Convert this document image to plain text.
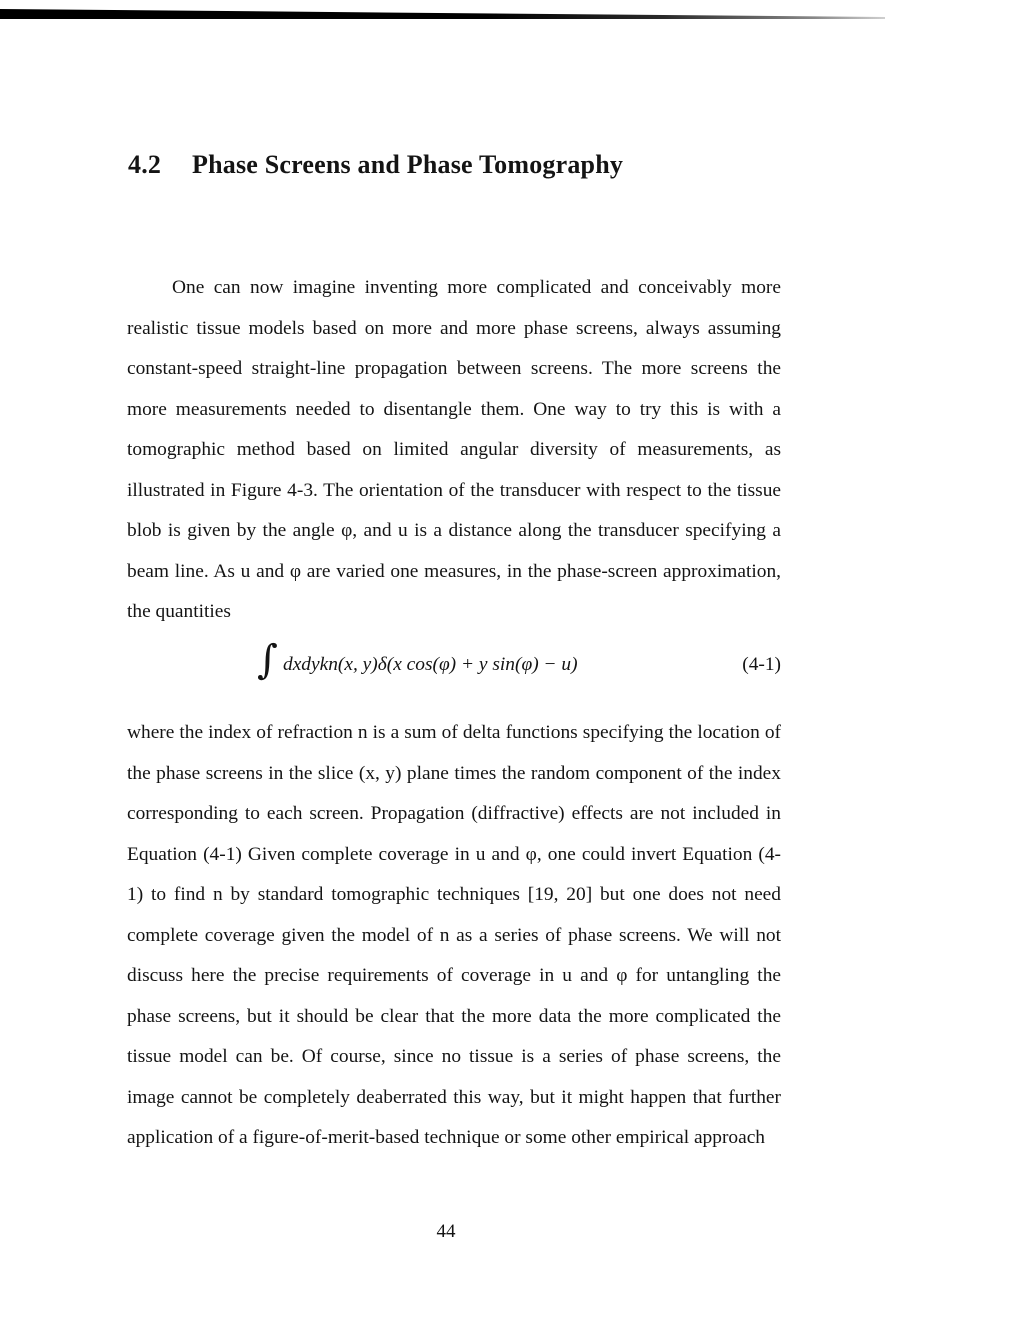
4.2 Phase Screens and Phase Tomography

One can now imagine inventing more complicated and conceivably more realistic tissue models based on more and more phase screens, always assuming constant-speed straight-line propagation between screens. The more screens the more measurements needed to disentangle them. One way to try this is with a tomographic method based on limited angular diversity of measurements, as illustrated in Figure 4-3. The orientation of the transducer with respect to the tissue blob is given by the angle φ, and u is a distance along the transducer specifying a beam line. As u and φ are varied one measures, in the phase-screen approximation, the quantities

∫ dxdykn(x, y)δ(x cos(φ) + y sin(φ) − u)	(4-1)

where the index of refraction n is a sum of delta functions specifying the location of the phase screens in the slice (x, y) plane times the random component of the index corresponding to each screen. Propagation (diffractive) effects are not included in Equation (4-1) Given complete coverage in u and φ, one could invert Equation (4-1) to find n by standard tomographic techniques [19, 20] but one does not need complete coverage given the model of n as a series of phase screens. We will not discuss here the precise requirements of coverage in u and φ for untangling the phase screens, but it should be clear that the more data the more complicated the tissue model can be. Of course, since no tissue is a series of phase screens, the image cannot be completely deaberrated this way, but it might happen that further application of a figure-of-merit-based technique or some other empirical approach

44
